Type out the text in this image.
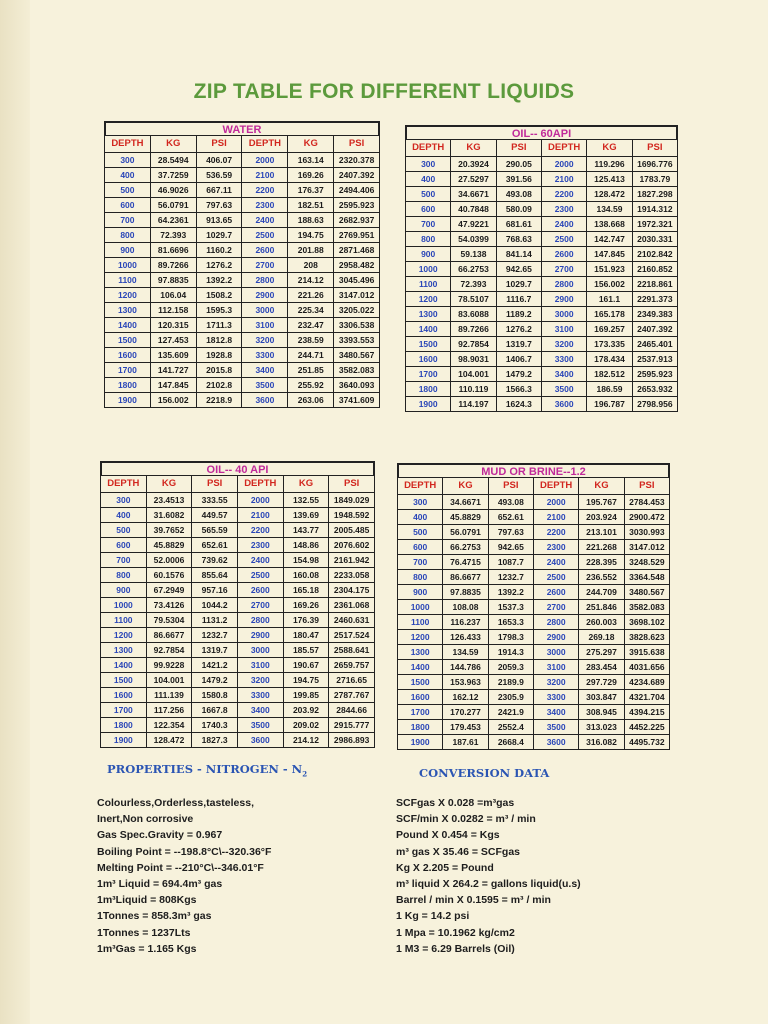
ZIP TABLE FOR DIFFERENT LIQUIDS
WATER
DEPTH	KG	PSI	DEPTH	KG	PSI
300	28.5494	406.07	2000	163.14	2320.378
400	37.7259	536.59	2100	169.26	2407.392
500	46.9026	667.11	2200	176.37	2494.406
600	56.0791	797.63	2300	182.51	2595.923
700	64.2361	913.65	2400	188.63	2682.937
800	72.393	1029.7	2500	194.75	2769.951
900	81.6696	1160.2	2600	201.88	2871.468
1000	89.7266	1276.2	2700	208	2958.482
1100	97.8835	1392.2	2800	214.12	3045.496
1200	106.04	1508.2	2900	221.26	3147.012
1300	112.158	1595.3	3000	225.34	3205.022
1400	120.315	1711.3	3100	232.47	3306.538
1500	127.453	1812.8	3200	238.59	3393.553
1600	135.609	1928.8	3300	244.71	3480.567
1700	141.727	2015.8	3400	251.85	3582.083
1800	147.845	2102.8	3500	255.92	3640.093
1900	156.002	2218.9	3600	263.06	3741.609
OIL-- 60API
DEPTH	KG	PSI	DEPTH	KG	PSI
300	20.3924	290.05	2000	119.296	1696.776
400	27.5297	391.56	2100	125.413	1783.79
500	34.6671	493.08	2200	128.472	1827.298
600	40.7848	580.09	2300	134.59	1914.312
700	47.9221	681.61	2400	138.668	1972.321
800	54.0399	768.63	2500	142.747	2030.331
900	59.138	841.14	2600	147.845	2102.842
1000	66.2753	942.65	2700	151.923	2160.852
1100	72.393	1029.7	2800	156.002	2218.861
1200	78.5107	1116.7	2900	161.1	2291.373
1300	83.6088	1189.2	3000	165.178	2349.383
1400	89.7266	1276.2	3100	169.257	2407.392
1500	92.7854	1319.7	3200	173.335	2465.401
1600	98.9031	1406.7	3300	178.434	2537.913
1700	104.001	1479.2	3400	182.512	2595.923
1800	110.119	1566.3	3500	186.59	2653.932
1900	114.197	1624.3	3600	196.787	2798.956
OIL-- 40 API
DEPTH	KG	PSI	DEPTH	KG	PSI
300	23.4513	333.55	2000	132.55	1849.029
400	31.6082	449.57	2100	139.69	1948.592
500	39.7652	565.59	2200	143.77	2005.485
600	45.8829	652.61	2300	148.86	2076.602
700	52.0006	739.62	2400	154.98	2161.942
800	60.1576	855.64	2500	160.08	2233.058
900	67.2949	957.16	2600	165.18	2304.175
1000	73.4126	1044.2	2700	169.26	2361.068
1100	79.5304	1131.2	2800	176.39	2460.631
1200	86.6677	1232.7	2900	180.47	2517.524
1300	92.7854	1319.7	3000	185.57	2588.641
1400	99.9228	1421.2	3100	190.67	2659.757
1500	104.001	1479.2	3200	194.75	2716.65
1600	111.139	1580.8	3300	199.85	2787.767
1700	117.256	1667.8	3400	203.92	2844.66
1800	122.354	1740.3	3500	209.02	2915.777
1900	128.472	1827.3	3600	214.12	2986.893
MUD OR BRINE--1.2
DEPTH	KG	PSI	DEPTH	KG	PSI
300	34.6671	493.08	2000	195.767	2784.453
400	45.8829	652.61	2100	203.924	2900.472
500	56.0791	797.63	2200	213.101	3030.993
600	66.2753	942.65	2300	221.268	3147.012
700	76.4715	1087.7	2400	228.395	3248.529
800	86.6677	1232.7	2500	236.552	3364.548
900	97.8835	1392.2	2600	244.709	3480.567
1000	108.08	1537.3	2700	251.846	3582.083
1100	116.237	1653.3	2800	260.003	3698.102
1200	126.433	1798.3	2900	269.18	3828.623
1300	134.59	1914.3	3000	275.297	3915.638
1400	144.786	2059.3	3100	283.454	4031.656
1500	153.963	2189.9	3200	297.729	4234.689
1600	162.12	2305.9	3300	303.847	4321.704
1700	170.277	2421.9	3400	308.945	4394.215
1800	179.453	2552.4	3500	313.023	4452.225
1900	187.61	2668.4	3600	316.082	4495.732
PROPERTIES - NITROGEN - $N_2$
Colourless,Orderless,tasteless,
Inert,Non corrosive
Gas Spec.Gravity = 0.967
Boiling Point = --198.8°C\--320.36°F
Melting Point = --210°C\--346.01°F
1m³ Liquid = 694.4m³ gas
1m³Liquid = 808Kgs
1Tonnes = 858.3m³ gas
1Tonnes = 1237Lts
1m³Gas = 1.165 Kgs
CONVERSION DATA
SCFgas X 0.028 =m³gas
SCF/min X 0.0282 = m³ / min
Pound X 0.454 = Kgs
m³ gas X 35.46 = SCFgas
Kg X 2.205 = Pound
m³ liquid X 264.2 = gallons liquid(u.s)
Barrel / min X 0.1595 = m³ / min
1 Kg = 14.2 psi
1 Mpa = 10.1962 kg/cm2
1 M3 = 6.29 Barrels (Oil)
